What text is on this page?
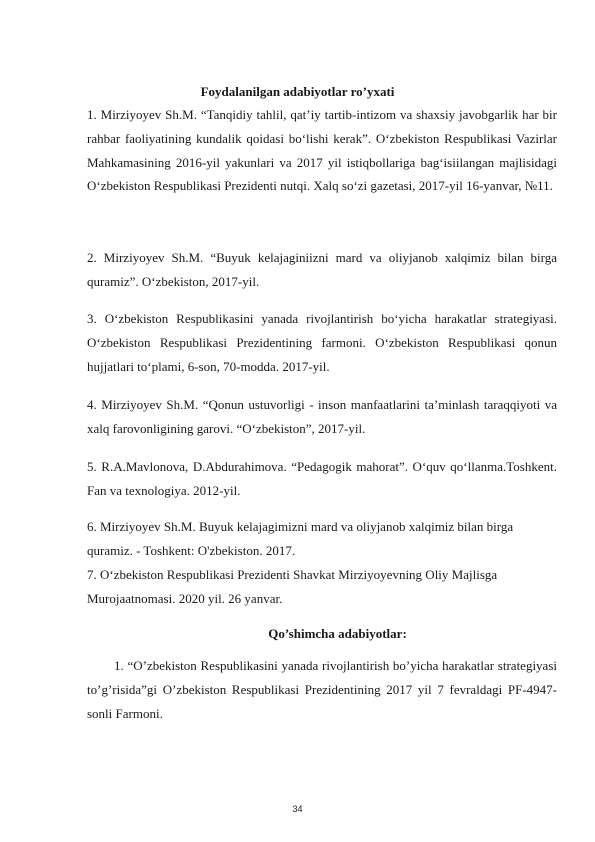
Foydalanilgan adabiyotlar ro’yxati

1. Mirziyoyev Sh.M. “Tanqidiy tahlil, qat’iy tartib-intizom va shaxsiy javobgarlik har bir rahbar faoliyatining kundalik qoidasi bo‘lishi kerak”. O‘zbekiston Respublikasi Vazirlar Mahkamasining 2016-yil yakunlari va 2017 yil istiqbollariga bag‘isiilangan majlisidagi O‘zbekiston Respublikasi Prezidenti nutqi. Xalq so‘zi gazetasi, 2017-yil 16-yanvar, №11.

2. Mirziyoyev Sh.M. “Buyuk kelajaginiizni mard va oliyjanob xalqimiz bilan birga quramiz”. O‘zbekiston, 2017-yil.

3. O‘zbekiston Respublikasini yanada rivojlantirish bo‘yicha harakatlar strategiyasi. O‘zbekiston Respublikasi Prezidentining farmoni. O‘zbekiston Respublikasi qonun hujjatlari to‘plami, 6-son, 70-modda. 2017-yil.

4. Mirziyoyev Sh.M. “Qonun ustuvorligi - inson manfaatlarini ta’minlash taraqqiyoti va xalq farovonligining garovi. “O‘zbekiston”, 2017-yil.

5. R.A.Mavlonova, D.Abdurahimova. “Pedagogik mahorat”. O‘quv qo‘llanma.Toshkent. Fan va texnologiya. 2012-yil.

6. Mirziyoyev Sh.M. Buyuk kelajagimizni mard va oliyjanob xalqimiz bilan birga quramiz. - Toshkent: O'zbekiston. 2017.

7. O‘zbekiston Respublikasi Prezidenti Shavkat Mirziyoyevning Oliy Majlisga Murojaatnomasi. 2020 yil. 26 yanvar.

Qo’shimcha adabiyotlar:

1. “O’zbekiston Respublikasini yanada rivojlantirish bo’yicha harakatlar strategiyasi to’g’risida”gi O’zbekiston Respublikasi Prezidentining 2017 yil 7 fevraldagi PF-4947-sonli Farmoni.

34
